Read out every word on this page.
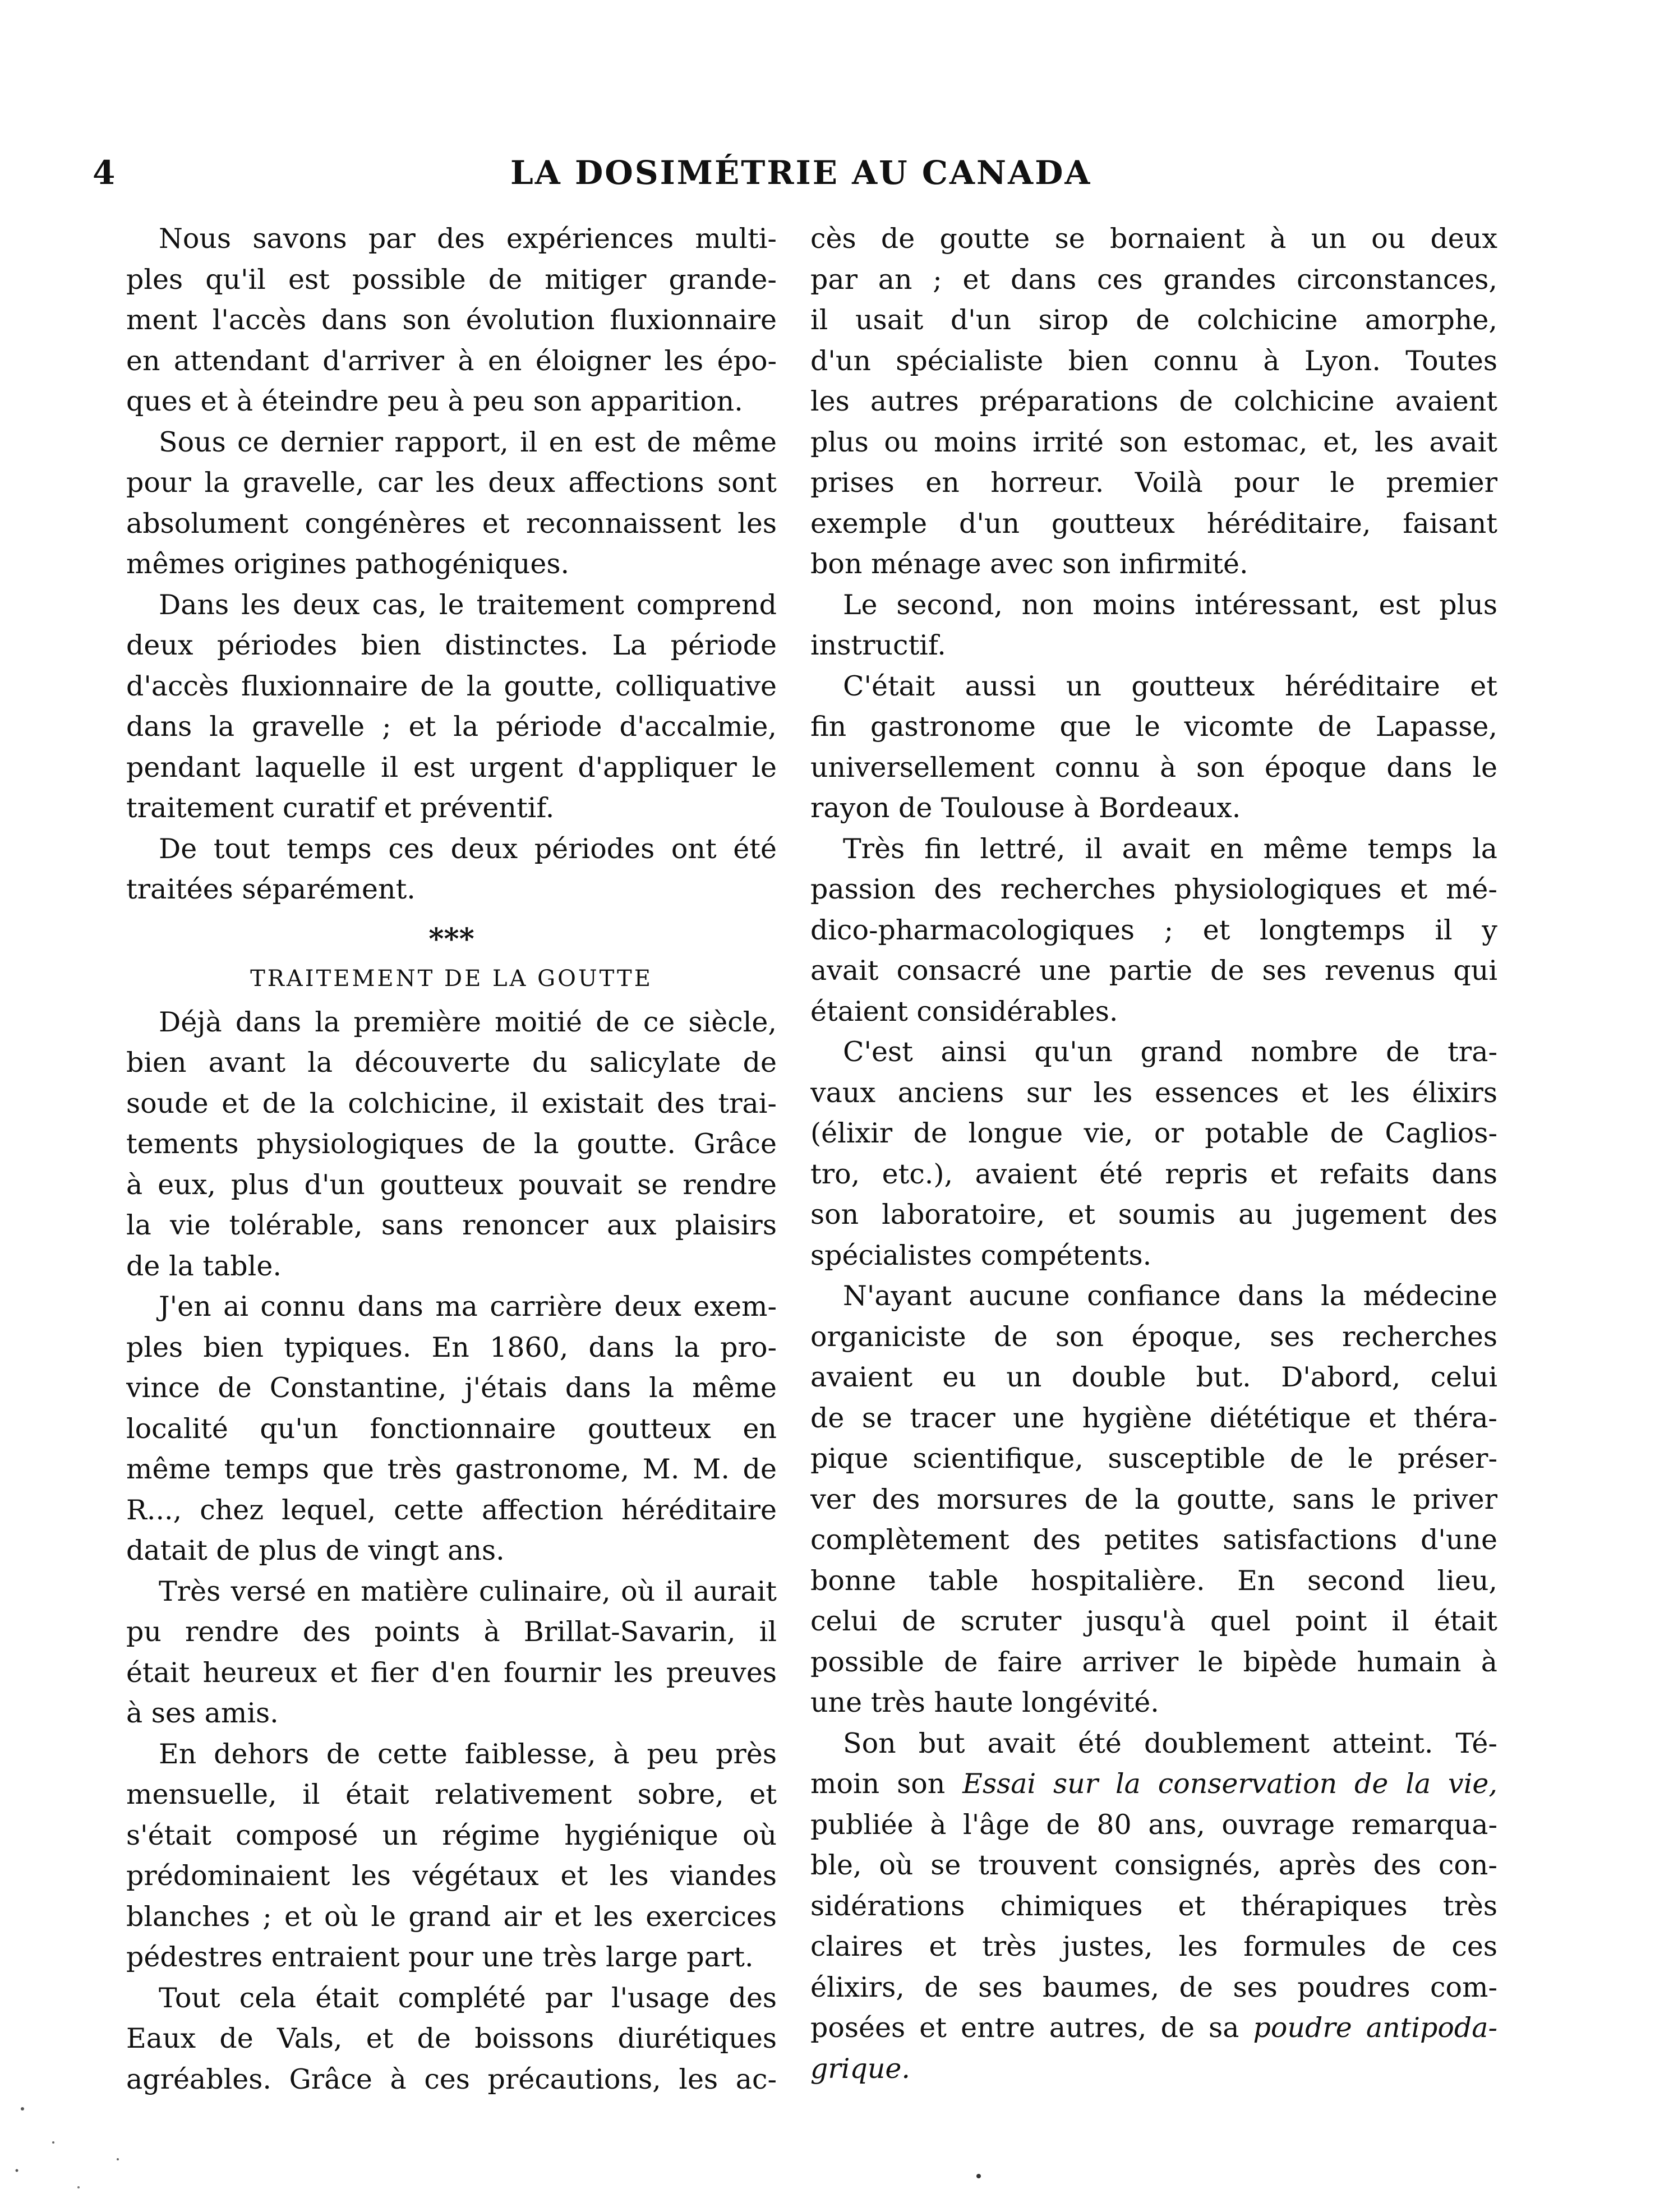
4	LA DOSIMÉTRIE AU CANADA
Nous savons par des expériences multi-
ples qu'il est possible de mitiger grande-
ment l'accès dans son évolution fluxionnaire
en attendant d'arriver à en éloigner les épo-
ques et à éteindre peu à peu son apparition.
Sous ce dernier rapport, il en est de même
pour la gravelle, car les deux affections sont
absolument congénères et reconnaissent les
mêmes origines pathogéniques.
Dans les deux cas, le traitement comprend
deux périodes bien distinctes. La période
d'accès fluxionnaire de la goutte, colliquative
dans la gravelle ; et la période d'accalmie,
pendant laquelle il est urgent d'appliquer le
traitement curatif et préventif.
De tout temps ces deux périodes ont été
traitées séparément.
***
TRAITEMENT DE LA GOUTTE
Déjà dans la première moitié de ce siècle,
bien avant la découverte du salicylate de
soude et de la colchicine, il existait des trai-
tements physiologiques de la goutte. Grâce
à eux, plus d'un goutteux pouvait se rendre
la vie tolérable, sans renoncer aux plaisirs
de la table.
J'en ai connu dans ma carrière deux exem-
ples bien typiques. En 1860, dans la pro-
vince de Constantine, j'étais dans la même
localité qu'un fonctionnaire goutteux en
même temps que très gastronome, M. M. de
R..., chez lequel, cette affection héréditaire
datait de plus de vingt ans.
Très versé en matière culinaire, où il aurait
pu rendre des points à Brillat-Savarin, il
était heureux et fier d'en fournir les preuves
à ses amis.
En dehors de cette faiblesse, à peu près
mensuelle, il était relativement sobre, et
s'était composé un régime hygiénique où
prédominaient les végétaux et les viandes
blanches ; et où le grand air et les exercices
pédestres entraient pour une très large part.
Tout cela était complété par l'usage des
Eaux de Vals, et de boissons diurétiques
agréables. Grâce à ces précautions, les ac-
cès de goutte se bornaient à un ou deux
par an ; et dans ces grandes circonstances,
il usait d'un sirop de colchicine amorphe,
d'un spécialiste bien connu à Lyon. Toutes
les autres préparations de colchicine avaient
plus ou moins irrité son estomac, et, les avait
prises en horreur. Voilà pour le premier
exemple d'un goutteux héréditaire, faisant
bon ménage avec son infirmité.
Le second, non moins intéressant, est plus
instructif.
C'était aussi un goutteux héréditaire et
fin gastronome que le vicomte de Lapasse,
universellement connu à son époque dans le
rayon de Toulouse à Bordeaux.
Très fin lettré, il avait en même temps la
passion des recherches physiologiques et mé-
dico-pharmacologiques ; et longtemps il y
avait consacré une partie de ses revenus qui
étaient considérables.
C'est ainsi qu'un grand nombre de tra-
vaux anciens sur les essences et les élixirs
(élixir de longue vie, or potable de Caglios-
tro, etc.), avaient été repris et refaits dans
son laboratoire, et soumis au jugement des
spécialistes compétents.
N'ayant aucune confiance dans la médecine
organiciste de son époque, ses recherches
avaient eu un double but. D'abord, celui
de se tracer une hygiène diététique et théra-
pique scientifique, susceptible de le préser-
ver des morsures de la goutte, sans le priver
complètement des petites satisfactions d'une
bonne table hospitalière. En second lieu,
celui de scruter jusqu'à quel point il était
possible de faire arriver le bipède humain à
une très haute longévité.
Son but avait été doublement atteint. Té-
moin son Essai sur la conservation de la vie,
publiée à l'âge de 80 ans, ouvrage remarqua-
ble, où se trouvent consignés, après des con-
sidérations chimiques et thérapiques très
claires et très justes, les formules de ces
élixirs, de ses baumes, de ses poudres com-
posées et entre autres, de sa poudre antipoda-
grique.
